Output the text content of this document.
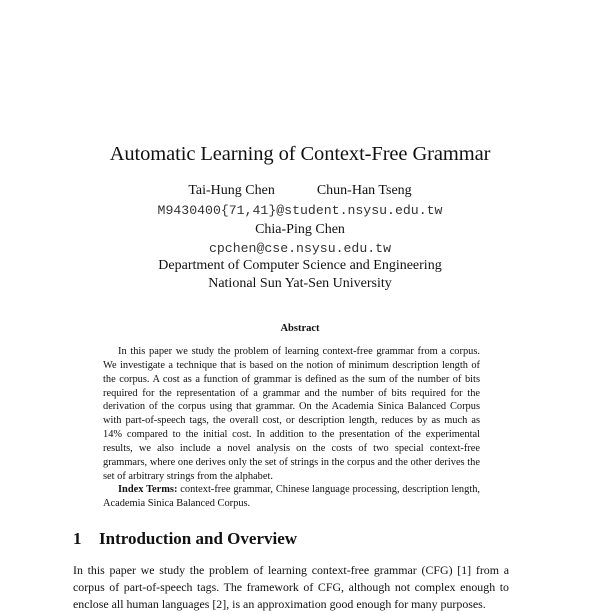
Automatic Learning of Context-Free Grammar
Tai-Hung Chen	Chun-Han Tseng
M9430400{71,41}@student.nsysu.edu.tw
Chia-Ping Chen
cpchen@cse.nsysu.edu.tw
Department of Computer Science and Engineering
National Sun Yat-Sen University
Abstract

In this paper we study the problem of learning context-free grammar from a corpus. We investigate a technique that is based on the notion of minimum description length of the corpus. A cost as a function of grammar is defined as the sum of the number of bits required for the representation of a grammar and the number of bits required for the derivation of the corpus using that grammar. On the Academia Sinica Balanced Corpus with part-of-speech tags, the overall cost, or description length, reduces by as much as 14% compared to the initial cost. In addition to the presentation of the experimental results, we also include a novel analysis on the costs of two special context-free grammars, where one derives only the set of strings in the corpus and the other derives the set of arbitrary strings from the alphabet.

Index Terms: context-free grammar, Chinese language processing, description length, Academia Sinica Balanced Corpus.

1 Introduction and Overview

In this paper we study the problem of learning context-free grammar (CFG) [1] from a corpus of part-of-speech tags. The framework of CFG, although not complex enough to enclose all human languages [2], is an approximation good enough for many purposes.
